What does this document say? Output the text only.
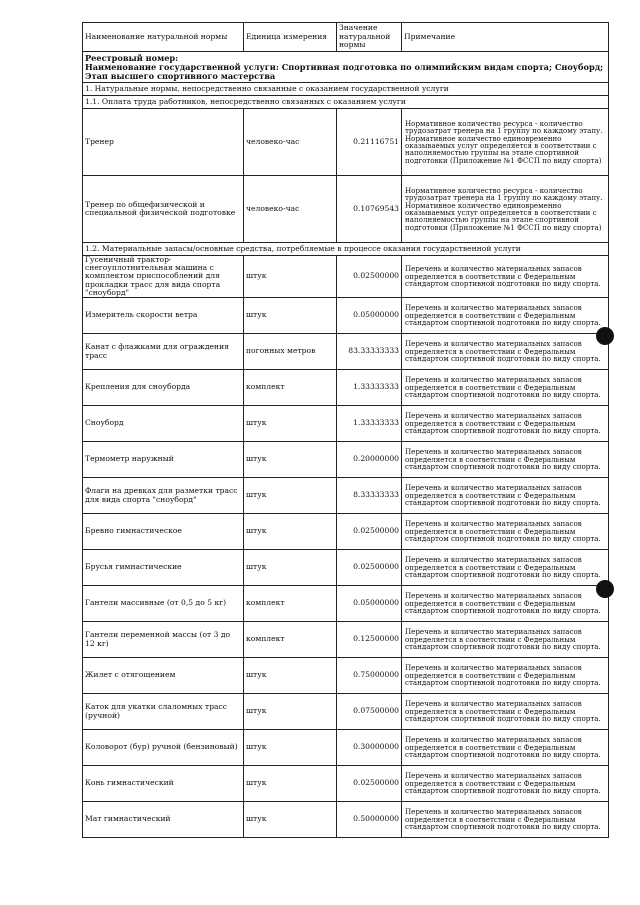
Наименование натуральной нормы	Единица измерения	Значение натуральной нормы	Примечание

Реестровый номер:
Наименование государственной услуги: Спортивная подготовка по олимпийским видам спорта; Сноуборд; Этап высшего спортивного мастерства			

1. Натуральные нормы, непосредственно связанные с оказанием государственной услуги			
1.1. Оплата труда работников, непосредственно связанных с оказанием услуги			
Тренер	человеко-час	0.21116751	Нормативное количество ресурса - количество трудозатрат тренера на 1 группу по каждому этапу. Нормативное количество единовременно оказываемых услуг определяется в соответствии с наполняемостью группы на этапе спортивной подготовки (Приложение №1 ФССП по виду спорта)
Тренер по общефизической и специальной физической подготовке	человеко-час	0.10769543	Нормативное количество ресурса - количество трудозатрат тренера на 1 группу по каждому этапу. Нормативное количество единовременно оказываемых услуг определяется в соответствии с наполняемостью группы на этапе спортивной подготовки (Приложение №1 ФССП по виду спорта)
1.2. Материальные запасы/основные средства, потребляемые в процессе оказания государственной услуги			
Гусеничный трактор-снегоуплотнительная машина с комплектом приспособлений для прокладки трасс для вида спорта "сноуборд"	штук	0.02500000	Перечень и количество материальных запасов определяется в соответствии с Федеральным стандартом спортивной подготовки по виду спорта.
Измеритель скорости ветра	штук	0.05000000	Перечень и количество материальных запасов определяется в соответствии с Федеральным стандартом спортивной подготовки по виду спорта.
Канат с флажками для ограждения трасс	погонных метров	83.33333333	Перечень и количество материальных запасов определяется в соответствии с Федеральным стандартом спортивной подготовки по виду спорта.
Крепления для сноуборда	комплект	1.33333333	Перечень и количество материальных запасов определяется в соответствии с Федеральным стандартом спортивной подготовки по виду спорта.
Сноуборд	штук	1.33333333	Перечень и количество материальных запасов определяется в соответствии с Федеральным стандартом спортивной подготовки по виду спорта.
Термометр наружный	штук	0.20000000	Перечень и количество материальных запасов определяется в соответствии с Федеральным стандартом спортивной подготовки по виду спорта.
Флаги на древках для разметки трасс для вида спорта "сноуборд"	штук	8.33333333	Перечень и количество материальных запасов определяется в соответствии с Федеральным стандартом спортивной подготовки по виду спорта.
Бревно гимнастическое	штук	0.02500000	Перечень и количество материальных запасов определяется в соответствии с Федеральным стандартом спортивной подготовки по виду спорта.
Брусья гимнастические	штук	0.02500000	Перечень и количество материальных запасов определяется в соответствии с Федеральным стандартом спортивной подготовки по виду спорта.
Гантели массивные (от 0,5 до 5 кг)	комплект	0.05000000	Перечень и количество материальных запасов определяется в соответствии с Федеральным стандартом спортивной подготовки по виду спорта.
Гантели переменной массы (от 3 до 12 кг)	комплект	0.12500000	Перечень и количество материальных запасов определяется в соответствии с Федеральным стандартом спортивной подготовки по виду спорта.
Жилет с отягощением	штук	0.75000000	Перечень и количество материальных запасов определяется в соответствии с Федеральным стандартом спортивной подготовки по виду спорта.
Каток для укатки слаломных трасс (ручной)	штук	0.07500000	Перечень и количество материальных запасов определяется в соответствии с Федеральным стандартом спортивной подготовки по виду спорта.
Коловорот (бур) ручной (бензиновый)	штук	0.30000000	Перечень и количество материальных запасов определяется в соответствии с Федеральным стандартом спортивной подготовки по виду спорта.
Конь гимнастический	штук	0.02500000	Перечень и количество материальных запасов определяется в соответствии с Федеральным стандартом спортивной подготовки по виду спорта.
Мат гимнастический	штук	0.50000000	Перечень и количество материальных запасов определяется в соответствии с Федеральным стандартом спортивной подготовки по виду спорта.
